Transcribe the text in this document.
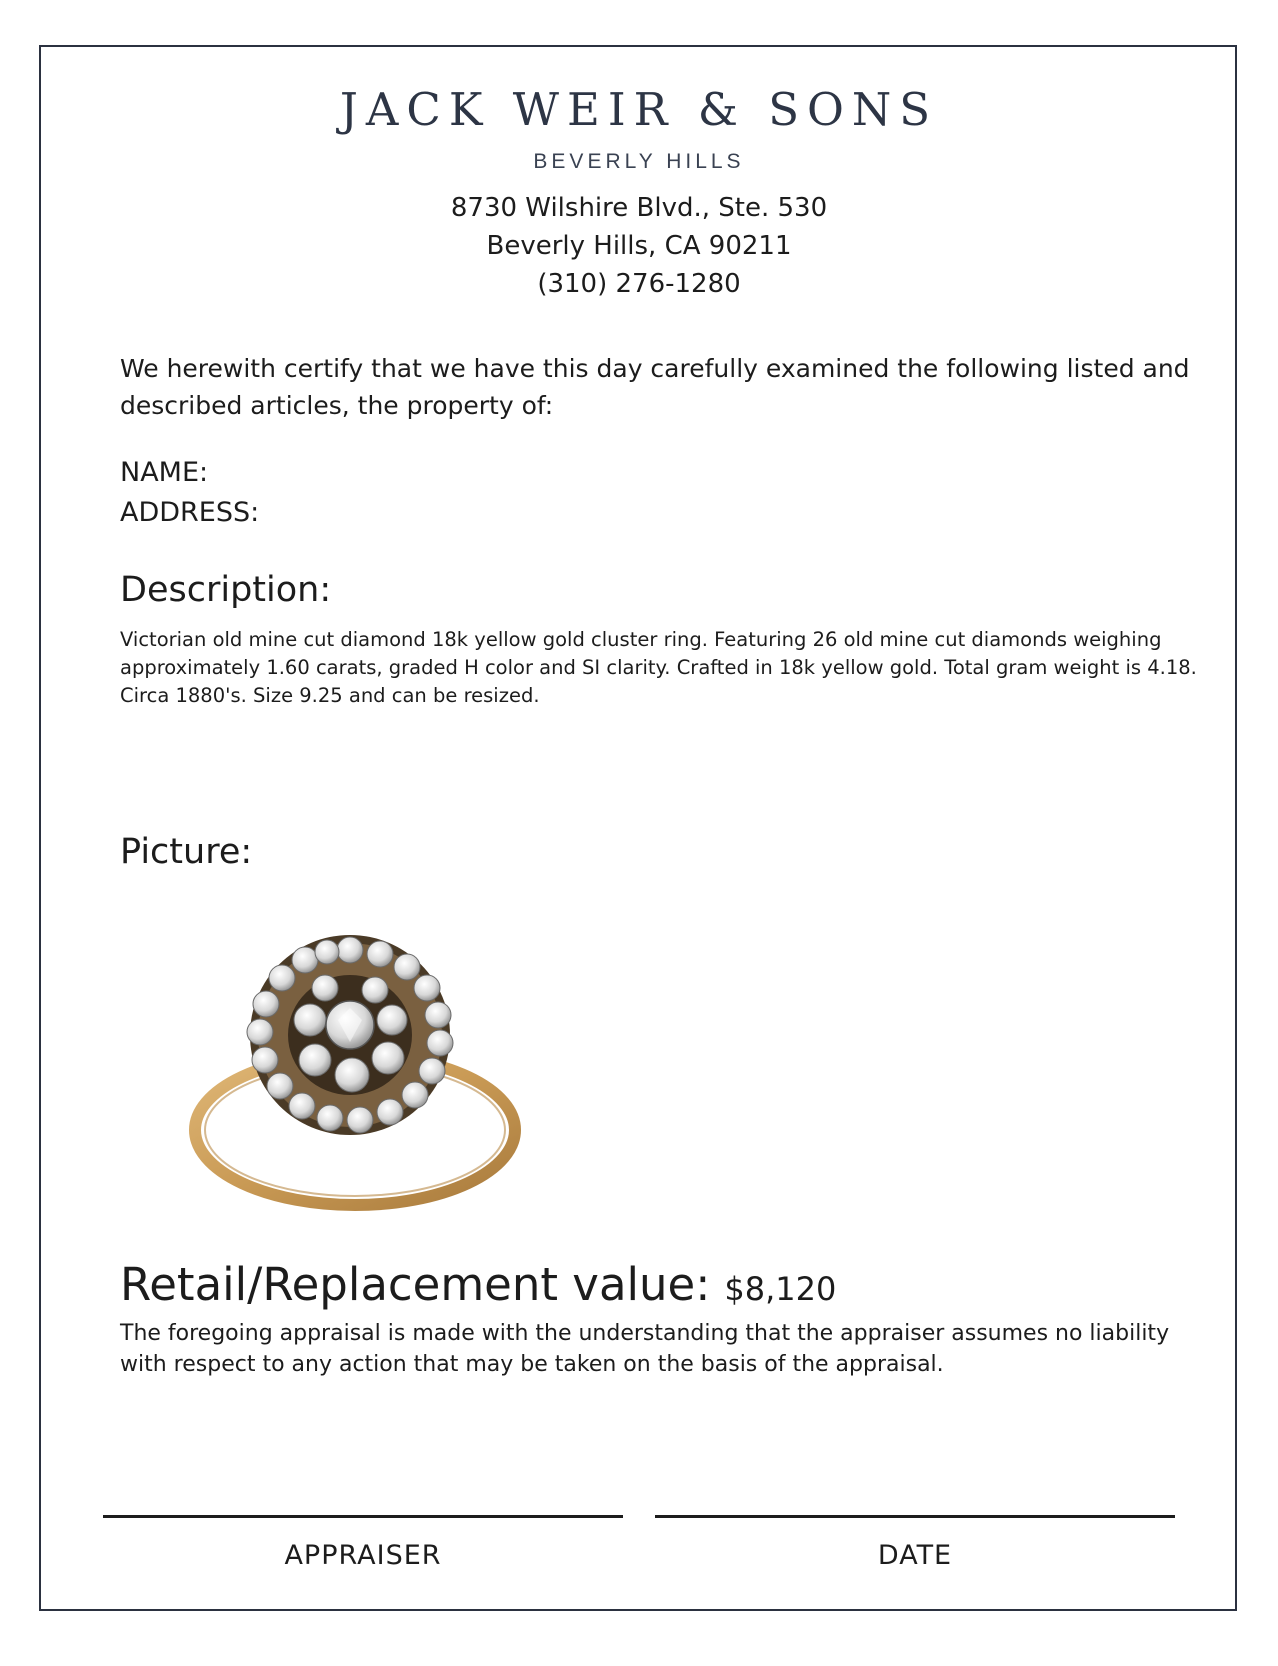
JACK WEIR & SONS
BEVERLY HILLS
8730 Wilshire Blvd., Ste. 530
Beverly Hills, CA 90211
(310) 276-1280
We herewith certify that we have this day carefully examined the following listed and described articles, the property of:
NAME:
ADDRESS:
Description:
Victorian old mine cut diamond 18k yellow gold cluster ring. Featuring 26 old mine cut diamonds weighing approximately 1.60 carats, graded H color and SI clarity. Crafted in 18k yellow gold. Total gram weight is 4.18. Circa 1880's. Size 9.25 and can be resized.
Picture:
Retail/Replacement value: $8,120
The foregoing appraisal is made with the understanding that the appraiser assumes no liability with respect to any action that may be taken on the basis of the appraisal.
APPRAISER	DATE
